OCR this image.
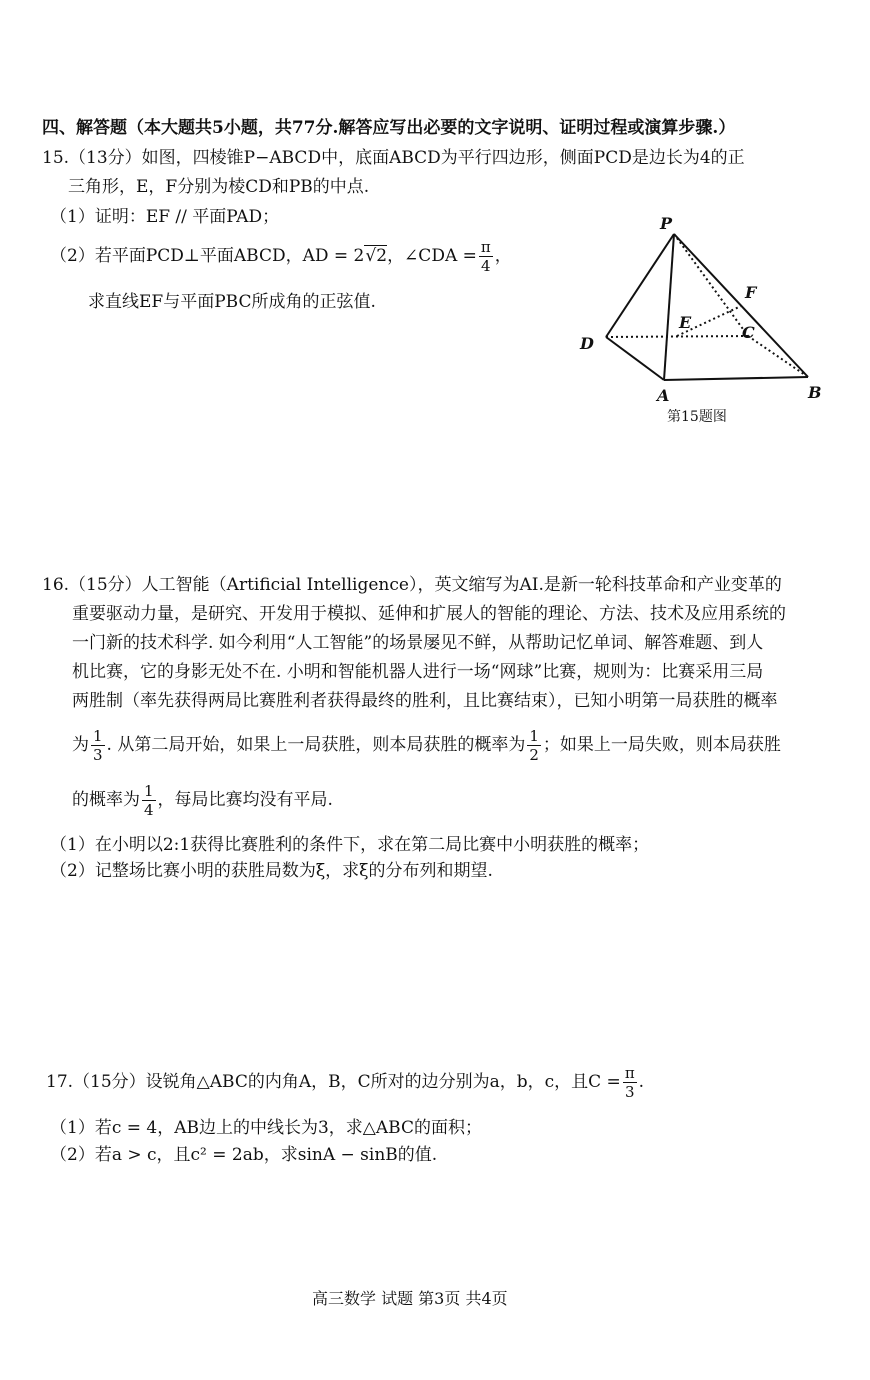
四、解答题（本大题共5小题，共77分.解答应写出必要的文字说明、证明过程或演算步骤.）
15.（13分）如图，四棱锥P−ABCD中，底面ABCD为平行四边形，侧面PCD是边长为4的正
三角形，E，F分别为棱CD和PB的中点.
（1）证明：EF // 平面PAD；
（2）若平面PCD⊥平面ABCD，AD = 2√2，∠CDA = $\frac{\pi}{4}$ ，
求直线EF与平面PBC所成角的正弦值.
P
F
E
C
D
A	B
第15题图
16.（15分）人工智能（Artificial Intelligence），英文缩写为AI.是新一轮科技革命和产业变革的
重要驱动力量，是研究、开发用于模拟、延伸和扩展人的智能的理论、方法、技术及应用系统的
一门新的技术科学. 如今利用“人工智能”的场景屡见不鲜，从帮助记忆单词、解答难题、到人
机比赛，它的身影无处不在. 小明和智能机器人进行一场“网球”比赛，规则为：比赛采用三局
两胜制（率先获得两局比赛胜利者获得最终的胜利，且比赛结束），已知小明第一局获胜的概率
为 $\frac{1}{3}$ . 从第二局开始，如果上一局获胜，则本局获胜的概率为 $\frac{1}{2}$ ；如果上一局失败，则本局获胜
的概率为 $\frac{1}{4}$ ，每局比赛均没有平局.
（1）在小明以2:1获得比赛胜利的条件下，求在第二局比赛中小明获胜的概率；
（2）记整场比赛小明的获胜局数为ξ，求ξ的分布列和期望.
17.（15分）设锐角△ABC的内角A，B，C所对的边分别为a，b，c，且$C = \frac{\pi}{3}$ .
（1）若c = 4，AB边上的中线长为3，求△ABC的面积；
（2）若a > c，且c² = 2ab，求sinA − sinB的值.
高三数学 试题 第3页 共4页
